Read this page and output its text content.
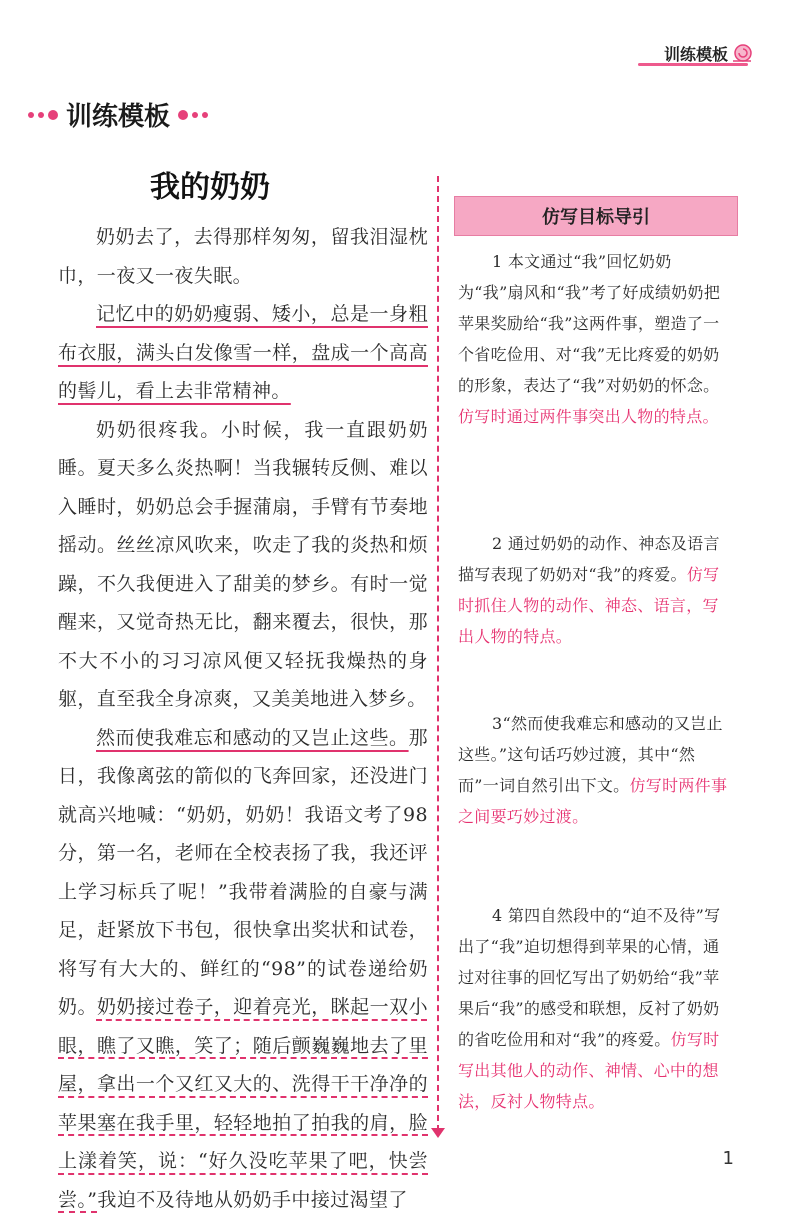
训练模板
训练模板
我的奶奶

奶奶去了，去得那样匆匆，留我泪湿枕巾，一夜又一夜失眠。

记忆中的奶奶瘦弱、矮小，总是一身粗布衣服，满头白发像雪一样，盘成一个高高的髻儿，看上去非常精神。

奶奶很疼我。小时候，我一直跟奶奶睡。夏天多么炎热啊！当我辗转反侧、难以入睡时，奶奶总会手握蒲扇，手臂有节奏地摇动。丝丝凉风吹来，吹走了我的炎热和烦躁，不久我便进入了甜美的梦乡。有时一觉醒来，又觉奇热无比，翻来覆去，很快，那不大不小的习习凉风便又轻抚我燥热的身躯，直至我全身凉爽，又美美地进入梦乡。

然而使我难忘和感动的又岂止这些。那日，我像离弦的箭似的飞奔回家，还没进门就高兴地喊：“奶奶，奶奶！我语文考了98分，第一名，老师在全校表扬了我，我还评上学习标兵了呢！”我带着满脸的自豪与满足，赶紧放下书包，很快拿出奖状和试卷，将写有大大的、鲜红的“98”的试卷递给奶奶。奶奶接过卷子，迎着亮光，眯起一双小眼，瞧了又瞧，笑了；随后颤巍巍地去了里屋，拿出一个又红又大的、洗得干干净净的苹果塞在我手里，轻轻地拍了拍我的肩，脸上漾着笑，说：“好久没吃苹果了吧，快尝尝。”我迫不及待地从奶奶手中接过渴望了

仿写目标导引

1 本文通过“我”回忆奶奶为“我”扇风和“我”考了好成绩奶奶把苹果奖励给“我”这两件事，塑造了一个省吃俭用、对“我”无比疼爱的奶奶的形象，表达了“我”对奶奶的怀念。仿写时通过两件事突出人物的特点。

2 通过奶奶的动作、神态及语言描写表现了奶奶对“我”的疼爱。仿写时抓住人物的动作、神态、语言，写出人物的特点。

3“然而使我难忘和感动的又岂止这些。”这句话巧妙过渡，其中“然而”一词自然引出下文。仿写时两件事之间要巧妙过渡。

4 第四自然段中的“迫不及待”写出了“我”迫切想得到苹果的心情，通过对往事的回忆写出了奶奶给“我”苹果后“我”的感受和联想，反衬了奶奶的省吃俭用和对“我”的疼爱。仿写时写出其他人的动作、神情、心中的想法，反衬人物特点。

1
